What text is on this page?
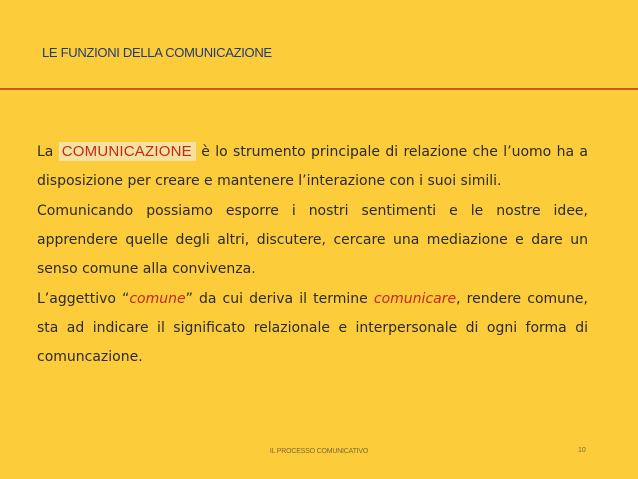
LE FUNZIONI DELLA COMUNICAZIONE

La COMUNICAZIONE è lo strumento principale di relazione che l’uomo ha a disposizione per creare e mantenere l’interazione con i suoi simili.

Comunicando possiamo esporre i nostri sentimenti e le nostre idee, apprendere quelle degli altri, discutere, cercare una mediazione e dare un senso comune alla convivenza.

L’aggettivo “comune” da cui deriva il termine comunicare, rendere comune, sta ad indicare il significato relazionale e interpersonale di ogni forma di comuncazione.

IL PROCESSO COMUNICATIVO	10
